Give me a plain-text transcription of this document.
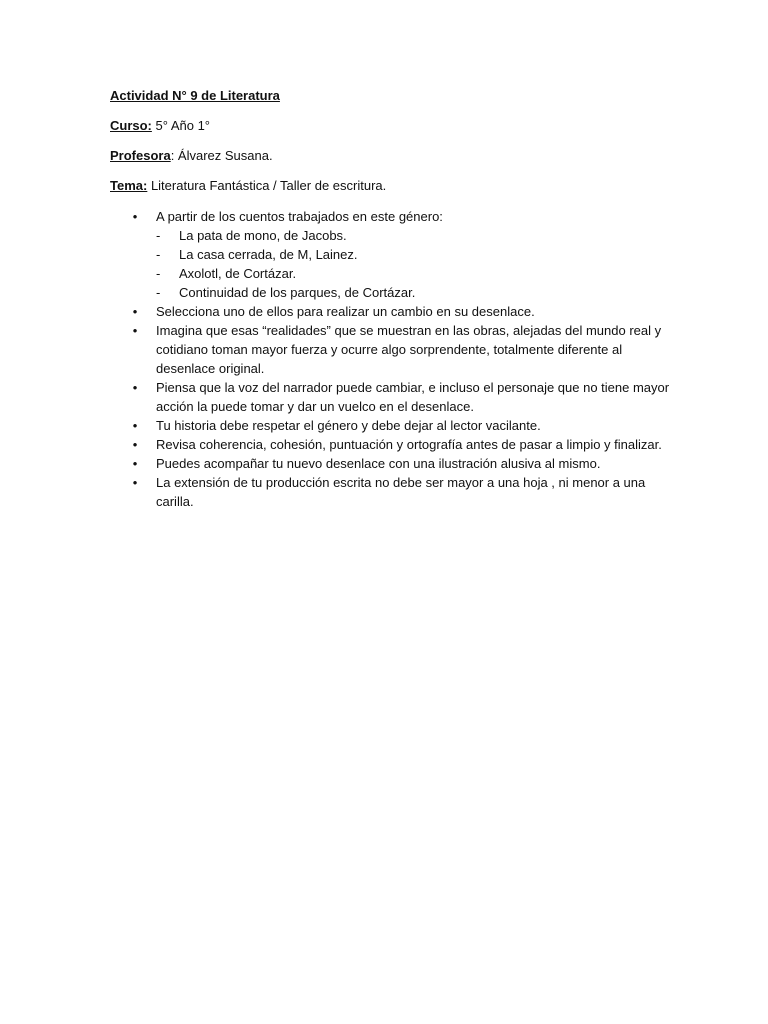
Actividad N° 9 de Literatura
Curso: 5° Año 1°
Profesora: Álvarez Susana.
Tema: Literatura Fantástica / Taller de escritura.
• A partir de los cuentos trabajados en este género:
- La pata de mono, de Jacobs.
- La casa cerrada, de M, Lainez.
- Axolotl, de Cortázar.
- Continuidad de los parques, de Cortázar.
• Selecciona uno de ellos para realizar un cambio en su desenlace.
• Imagina que esas “realidades” que se muestran en las obras, alejadas del mundo real y cotidiano toman mayor fuerza y ocurre algo sorprendente, totalmente diferente al desenlace original.
• Piensa que la voz del narrador puede cambiar, e incluso el personaje que no tiene mayor acción la puede tomar y dar un vuelco en el desenlace.
• Tu historia debe respetar el género y debe dejar al lector vacilante.
• Revisa coherencia, cohesión, puntuación y ortografía antes de pasar a limpio y finalizar.
• Puedes acompañar tu nuevo desenlace con una ilustración alusiva al mismo.
• La extensión de tu producción escrita no debe ser mayor a una hoja , ni menor a una carilla.
